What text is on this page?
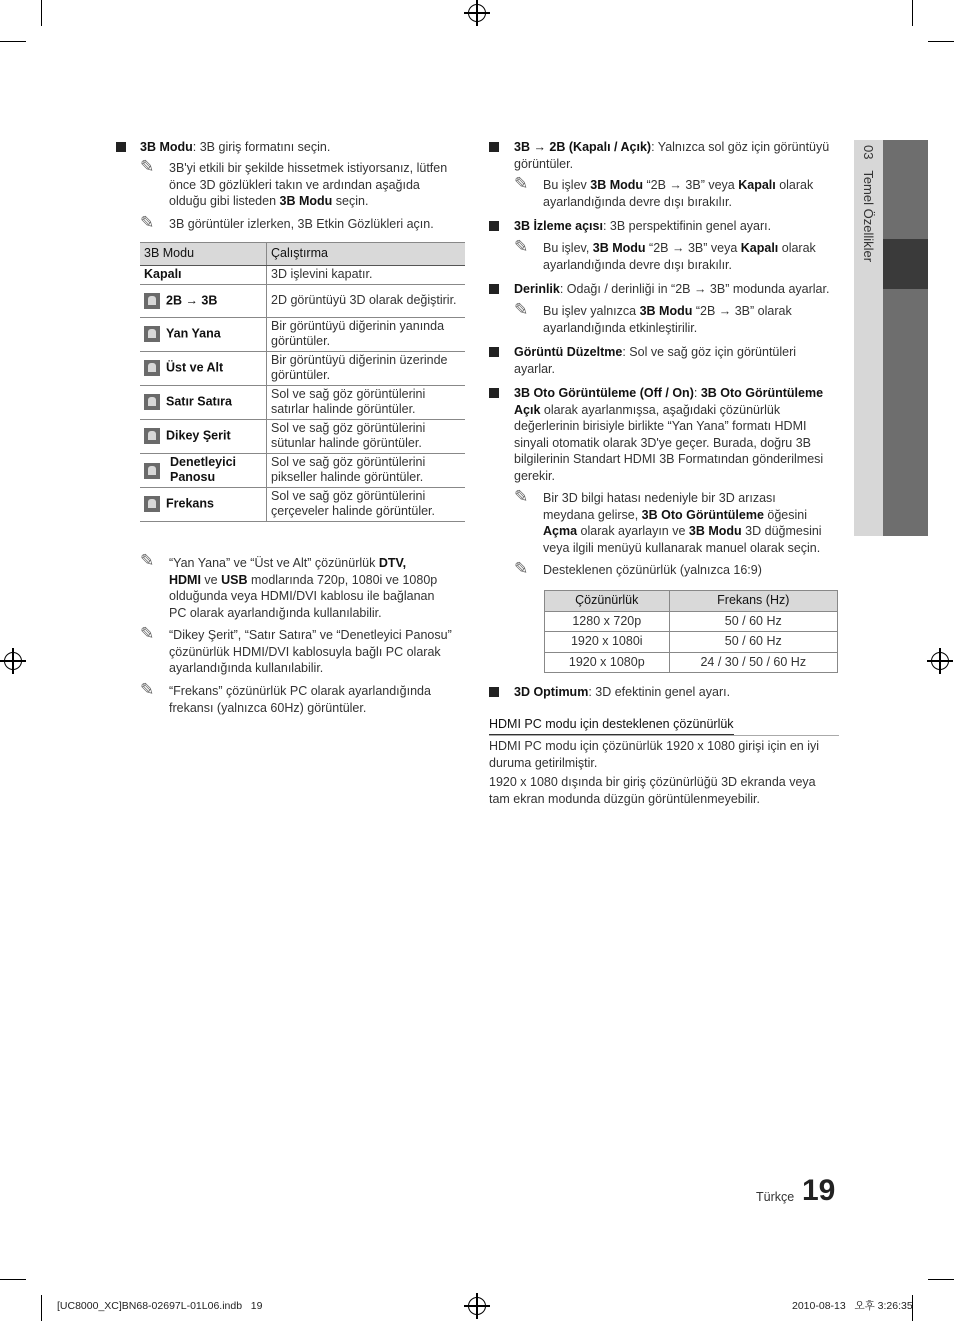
03   Temel Özellikler
3B Modu: 3B giriş formatını seçin.
✎ 3B'yi etkili bir şekilde hissetmek istiyorsanız, lütfen
önce 3D gözlükleri takın ve ardından aşağıda
olduğu gibi listeden 3B Modu seçin.
✎ 3B görüntüler izlerken, 3B Etkin Gözlükleri açın.
3B Modu	Çalıştırma
Kapalı	3D işlevini kapatır.
2B → 3B	2D görüntüyü 3D olarak değiştirir.
Yan Yana	Bir görüntüyü diğerinin yanında görüntüler.
Üst ve Alt	Bir görüntüyü diğerinin üzerinde görüntüler.
Satır Satıra	Sol ve sağ göz görüntülerini satırlar halinde görüntüler.
Dikey Şerit	Sol ve sağ göz görüntülerini sütunlar halinde görüntüler.

Denetleyici Panosu	Sol ve sağ göz görüntülerini pikseller halinde görüntüler.
Frekans	Sol ve sağ göz görüntülerini çerçeveler halinde görüntüler.
✎ “Yan Yana” ve “Üst ve Alt” çözünürlük DTV,
HDMI ve USB modlarında 720p, 1080i ve 1080p
olduğunda veya HDMI/DVI kablosu ile bağlanan
PC olarak ayarlandığında kullanılabilir.
✎ “Dikey Şerit”, “Satır Satıra” ve “Denetleyici Panosu”
çözünürlük HDMI/DVI kablosuyla bağlı PC olarak
ayarlandığında kullanılabilir.
✎ “Frekans” çözünürlük PC olarak ayarlandığında
frekansı (yalnızca 60Hz) görüntüler.
3B → 2B (Kapalı / Açık): Yalnızca sol göz için görüntüyü
görüntüler.
✎ Bu işlev 3B Modu “2B → 3B” veya Kapalı olarak
ayarlandığında devre dışı bırakılır.
3B İzleme açısı: 3B perspektifinin genel ayarı.
✎ Bu işlev, 3B Modu “2B → 3B” veya Kapalı olarak
ayarlandığında devre dışı bırakılır.
Derinlik: Odağı / derinliği in “2B → 3B” modunda ayarlar.
✎ Bu işlev yalnızca 3B Modu “2B → 3B” olarak
ayarlandığında etkinleştirilir.
Görüntü Düzeltme: Sol ve sağ göz için görüntüleri
ayarlar.
3B Oto Görüntüleme (Off / On): 3B Oto Görüntüleme
Açık olarak ayarlanmışsa, aşağıdaki çözünürlük
değerlerinin birisiyle birlikte “Yan Yana” formatı HDMI
sinyali otomatik olarak 3D'ye geçer. Burada, doğru 3B
bilgilerinin Standart HDMI 3B Formatından gönderilmesi
gerekir.
✎ Bir 3D bilgi hatası nedeniyle bir 3D arızası
meydana gelirse, 3B Oto Görüntüleme öğesini
Açma olarak ayarlayın ve 3B Modu 3D düğmesini
veya ilgili menüyü kullanarak manuel olarak seçin.
✎ Desteklenen çözünürlük (yalnızca 16:9)
Çözünürlük	Frekans (Hz)
1280 x 720p	50 / 60 Hz
1920 x 1080i	50 / 60 Hz
1920 x 1080p	24 / 30 / 50 / 60 Hz
3D Optimum: 3D efektinin genel ayarı.
HDMI PC modu için desteklenen çözünürlük
HDMI PC modu için çözünürlük 1920 x 1080 girişi için en iyi
duruma getirilmiştir.
1920 x 1080 dışında bir giriş çözünürlüğü 3D ekranda veya
tam ekran modunda düzgün görüntülenmeyebilir.
Türkçe 19
[UC8000_XC]BN68-02697L-01L06.indb   19	2010-08-13   오후 3:26:35
